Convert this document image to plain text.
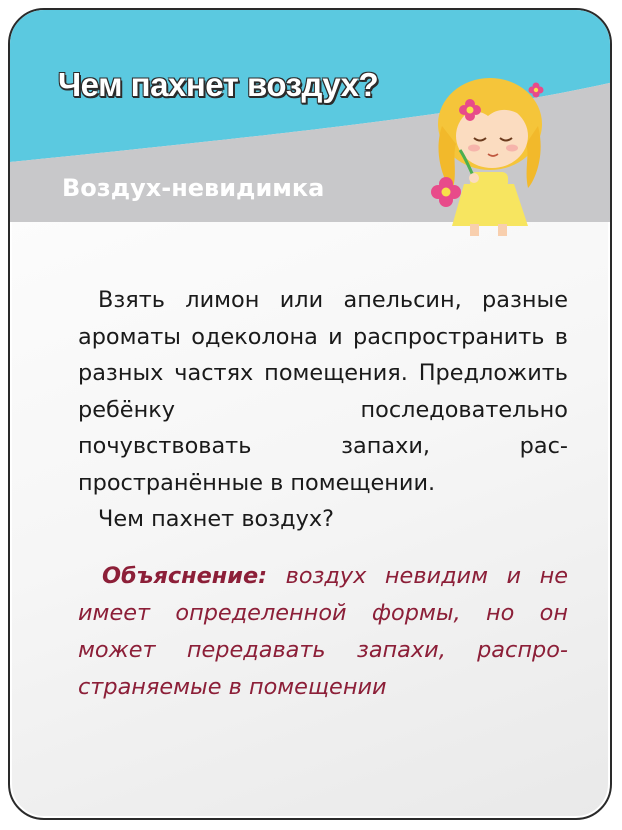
Чем пахнет воздух?
Воздух-невидимка

Взять лимон или апельсин, разные ароматы одеколона и распространить в разных частях помещения. Предложить ребёнку последовательно почувствовать запахи, распространённые в помещении.

Чем пахнет воздух?

Объяснение: воздух невидим и не имеет определенной формы, но он может передавать запахи, распространяемые в помещении
